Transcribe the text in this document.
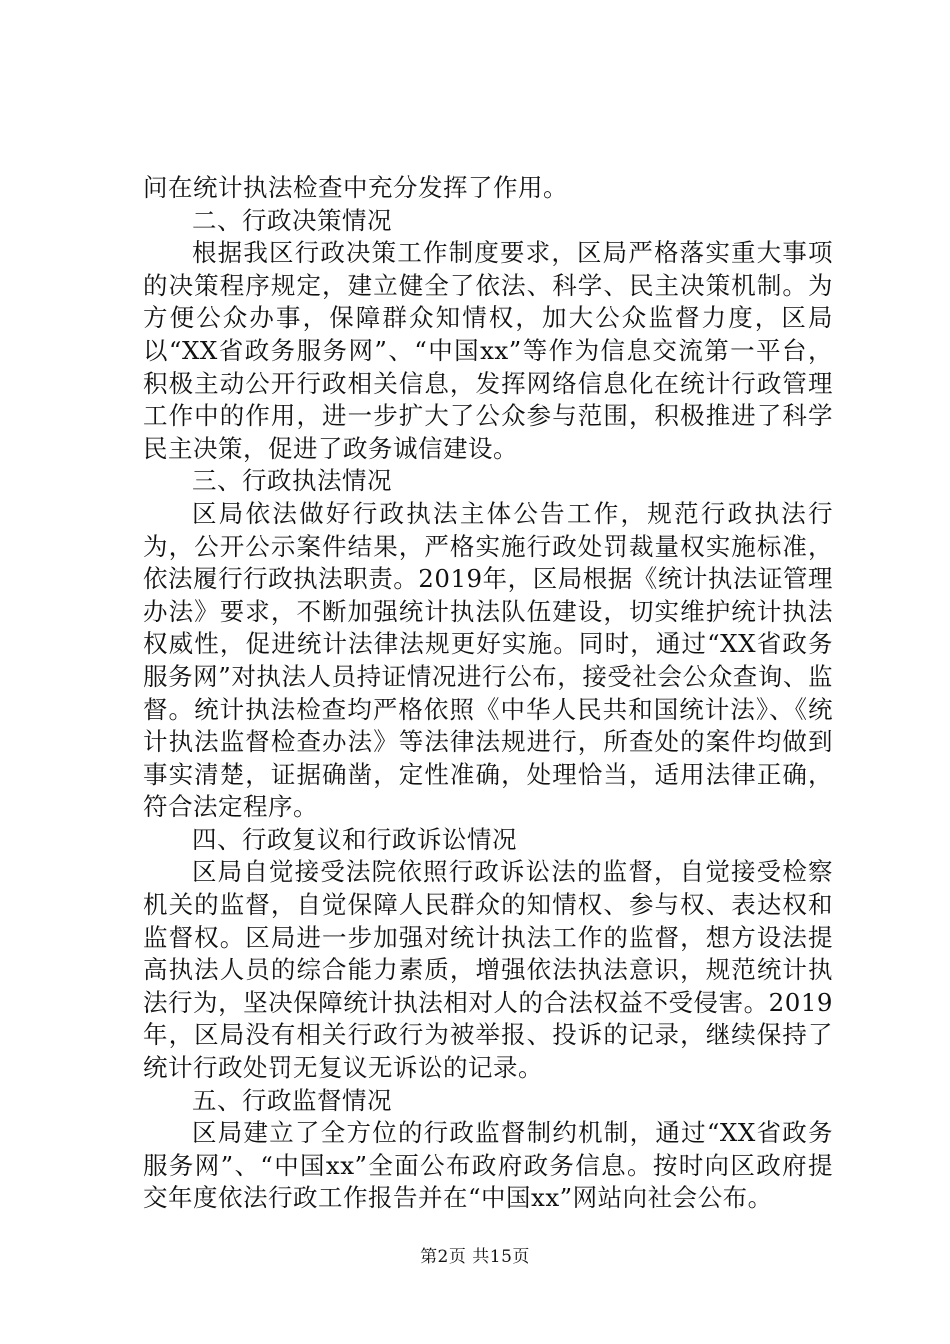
问在统计执法检查中充分发挥了作用。

二、行政决策情况

根据我区行政决策工作制度要求，区局严格落实重大事项的决策程序规定，建立健全了依法、科学、民主决策机制。为方便公众办事，保障群众知情权，加大公众监督力度，区局以“XX省政务服务网”、“中国xx”等作为信息交流第一平台，积极主动公开行政相关信息，发挥网络信息化在统计行政管理工作中的作用，进一步扩大了公众参与范围，积极推进了科学民主决策，促进了政务诚信建设。

三、行政执法情况

区局依法做好行政执法主体公告工作，规范行政执法行为，公开公示案件结果，严格实施行政处罚裁量权实施标准，依法履行行政执法职责。2019年，区局根据《统计执法证管理办法》要求，不断加强统计执法队伍建设，切实维护统计执法权威性，促进统计法律法规更好实施。同时，通过“XX省政务服务网”对执法人员持证情况进行公布，接受社会公众查询、监督。统计执法检查均严格依照《中华人民共和国统计法》、《统计执法监督检查办法》等法律法规进行，所查处的案件均做到事实清楚，证据确凿，定性准确，处理恰当，适用法律正确，符合法定程序。

四、行政复议和行政诉讼情况

区局自觉接受法院依照行政诉讼法的监督，自觉接受检察机关的监督，自觉保障人民群众的知情权、参与权、表达权和监督权。区局进一步加强对统计执法工作的监督，想方设法提高执法人员的综合能力素质，增强依法执法意识，规范统计执法行为，坚决保障统计执法相对人的合法权益不受侵害。2019年，区局没有相关行政行为被举报、投诉的记录，继续保持了统计行政处罚无复议无诉讼的记录。

五、行政监督情况

区局建立了全方位的行政监督制约机制，通过“XX省政务服务网”、“中国xx”全面公布政府政务信息。按时向区政府提交年度依法行政工作报告并在“中国xx”网站向社会公布。

第2页 共15页
